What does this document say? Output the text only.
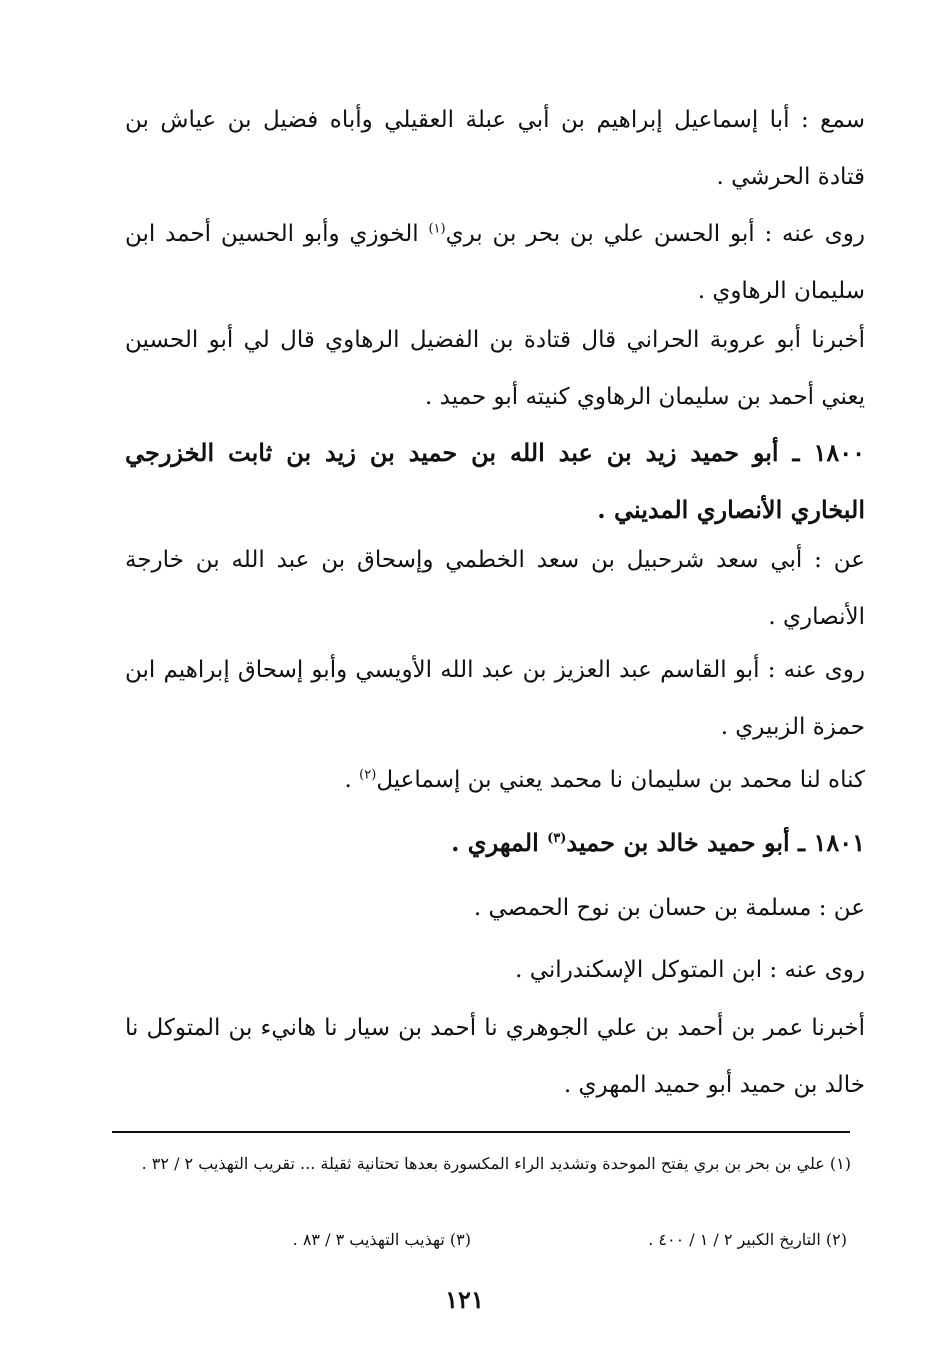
سمع : أبا إسماعيل إبراهيم بن أبي عبلة العقيلي وأباه فضيل بن عياش بن قتادة الحرشي .

روى عنه : أبو الحسن علي بن بحر بن بري$^{(١)}$ الخوزي وأبو الحسين أحمد ابن سليمان الرهاوي .

أخبرنا أبو عروبة الحراني قال قتادة بن الفضيل الرهاوي قال لي أبو الحسين يعني أحمد بن سليمان الرهاوي كنيته أبو حميد .

١٨٠٠ ـ أبو حميد زيد بن عبد الله بن حميد بن زيد بن ثابت الخزرجي البخاري الأنصاري المديني .

عن : أبي سعد شرحبيل بن سعد الخطمي وإسحاق بن عبد الله بن خارجة الأنصاري .

روى عنه : أبو القاسم عبد العزيز بن عبد الله الأويسي وأبو إسحاق إبراهيم ابن حمزة الزبيري .

كناه لنا محمد بن سليمان نا محمد يعني بن إسماعيل$^{(٢)}$ .

١٨٠١ ـ أبو حميد خالد بن حميد$^{(٣)}$ المهري .

عن : مسلمة بن حسان بن نوح الحمصي .

روى عنه : ابن المتوكل الإسكندراني .

أخبرنا عمر بن أحمد بن علي الجوهري نا أحمد بن سيار نا هانيء بن المتوكل نا خالد بن حميد أبو حميد المهري .

(١) علي بن بحر بن بري يفتح الموحدة وتشديد الراء المكسورة بعدها تحتانية ثقيلة ... تقريب التهذيب ٢ / ٣٢ .

(٢) التاريخ الكبير ٢ / ١ / ٤٠٠ .

(٣) تهذيب التهذيب ٣ / ٨٣ .

١٢١
